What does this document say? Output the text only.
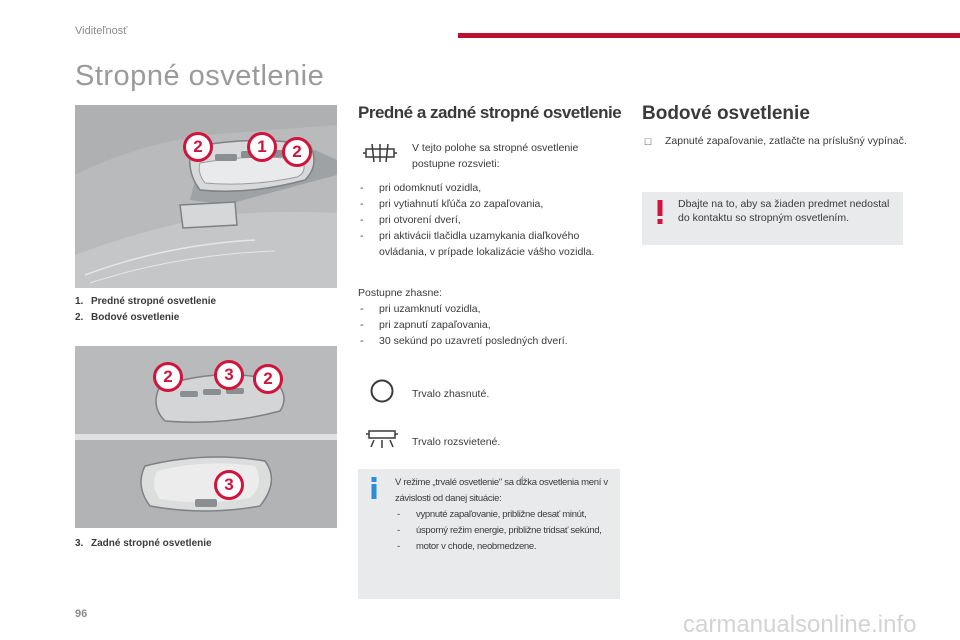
Viditeľnosť
Stropné osvetlenie
2	1	2
1. Predné stropné osvetlenie
2. Bodové osvetlenie
2	3	2
3
3. Zadné stropné osvetlenie
Predné a zadné stropné osvetlenie
V tejto polohe sa stropné osvetlenie postupne rozsvieti:
- pri odomknutí vozidla,
- pri vytiahnutí kľúča zo zapaľovania,
- pri otvorení dverí,
- pri aktivácii tlačidla uzamykania diaľkového ovládania, v prípade lokalizácie vášho vozidla.
Postupne zhasne:
- pri uzamknutí vozidla,
- pri zapnutí zapaľovania,
- 30 sekúnd po uzavretí posledných dverí.
Trvalo zhasnuté.
Trvalo rozsvietené.
V režime „trvalé osvetlenie" sa dĺžka osvetlenia mení v závislosti od danej situácie:
- vypnuté zapaľovanie, približne desať minút,
- úsporný režim energie, približne tridsať sekúnd,
- motor v chode, neobmedzene.
Bodové osvetlenie
☐ Zapnuté zapaľovanie, zatlačte na príslušný vypínač.
Dbajte na to, aby sa žiaden predmet nedostal do kontaktu so stropným osvetlením.
96	carmanualsonline.info
